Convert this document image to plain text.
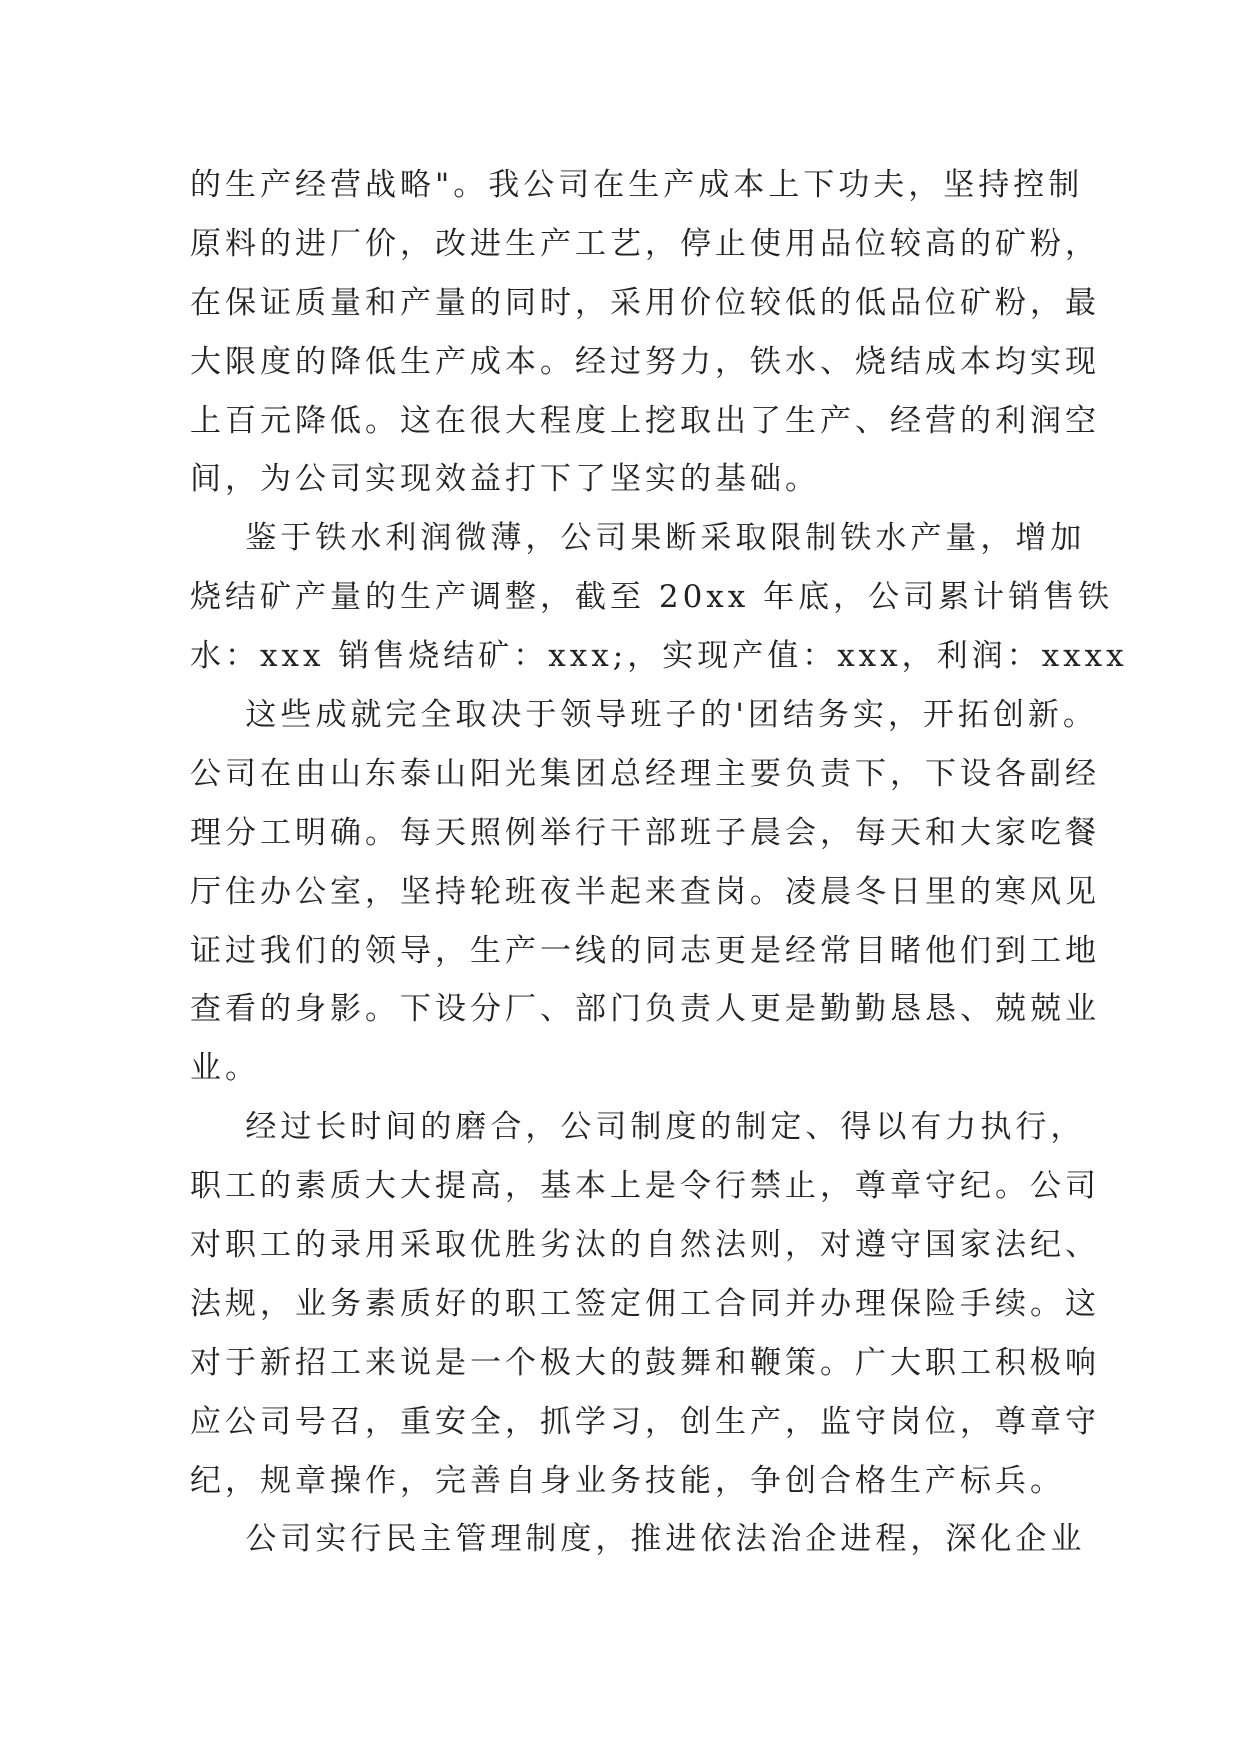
的生产经营战略"。我公司在生产成本上下功夫，坚持控制
原料的进厂价，改进生产工艺，停止使用品位较高的矿粉，
在保证质量和产量的同时，采用价位较低的低品位矿粉，最
大限度的降低生产成本。经过努力，铁水、烧结成本均实现
上百元降低。这在很大程度上挖取出了生产、经营的利润空
间，为公司实现效益打下了坚实的基础。
鉴于铁水利润微薄，公司果断采取限制铁水产量，增加
烧结矿产量的生产调整，截至 20xx 年底，公司累计销售铁
水：xxx 销售烧结矿：xxx;，实现产值：xxx，利润：xxxx
这些成就完全取决于领导班子的'团结务实，开拓创新。
公司在由山东泰山阳光集团总经理主要负责下，下设各副经
理分工明确。每天照例举行干部班子晨会，每天和大家吃餐
厅住办公室，坚持轮班夜半起来查岗。凌晨冬日里的寒风见
证过我们的领导，生产一线的同志更是经常目睹他们到工地
查看的身影。下设分厂、部门负责人更是勤勤恳恳、兢兢业
业。
经过长时间的磨合，公司制度的制定、得以有力执行，
职工的素质大大提高，基本上是令行禁止，尊章守纪。公司
对职工的录用采取优胜劣汰的自然法则，对遵守国家法纪、
法规，业务素质好的职工签定佣工合同并办理保险手续。这
对于新招工来说是一个极大的鼓舞和鞭策。广大职工积极响
应公司号召，重安全，抓学习，创生产，监守岗位，尊章守
纪，规章操作，完善自身业务技能，争创合格生产标兵。
公司实行民主管理制度，推进依法治企进程，深化企业
